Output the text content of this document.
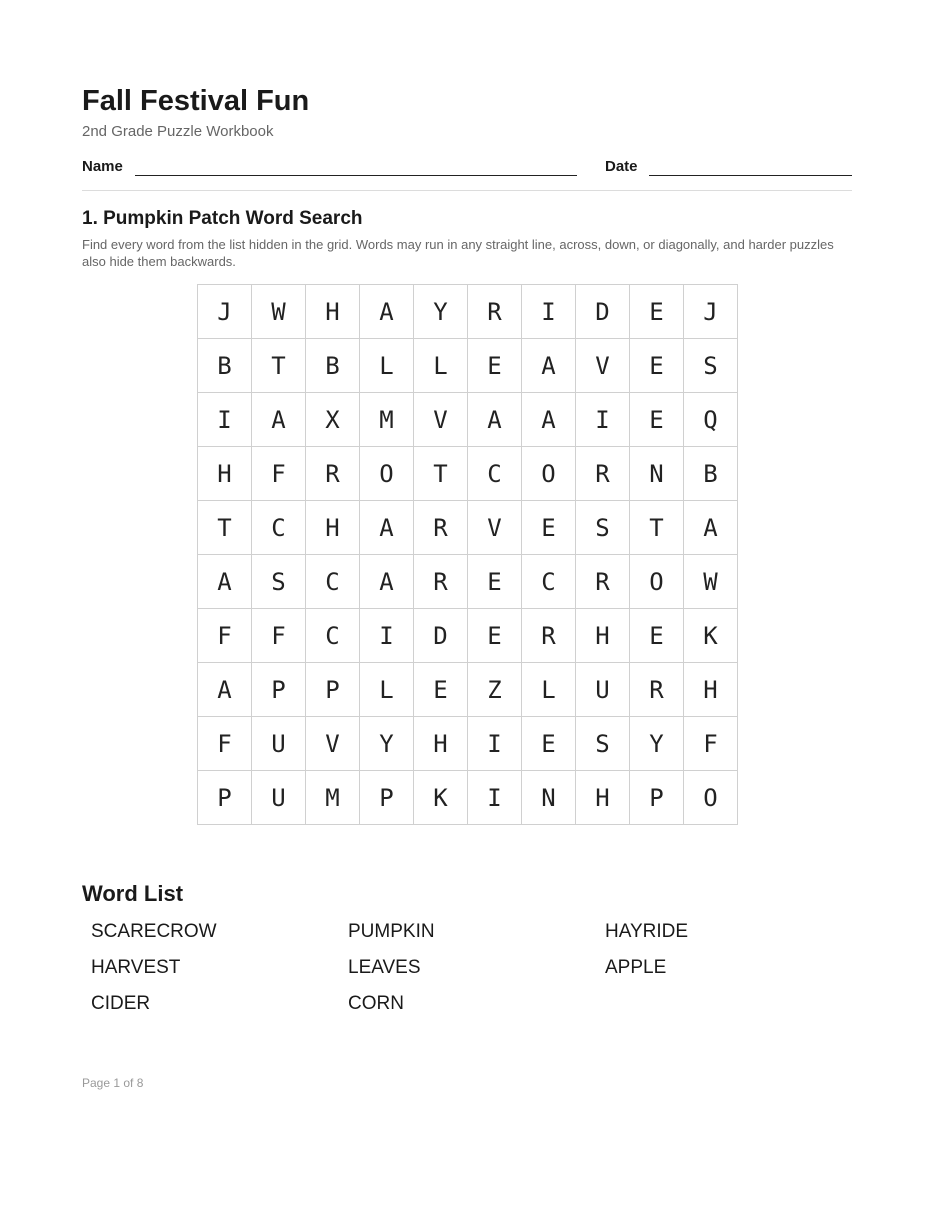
Fall Festival Fun
2nd Grade Puzzle Workbook
Name	Date
1. Pumpkin Patch Word Search
Find every word from the list hidden in the grid. Words may run in any straight line, across, down, or diagonally, and harder puzzles also hide them backwards.
J	W	H	A	Y	R	I	D	E	J
B	T	B	L	L	E	A	V	E	S
I	A	X	M	V	A	A	I	E	Q
H	F	R	O	T	C	O	R	N	B
T	C	H	A	R	V	E	S	T	A
A	S	C	A	R	E	C	R	O	W
F	F	C	I	D	E	R	H	E	K
A	P	P	L	E	Z	L	U	R	H
F	U	V	Y	H	I	E	S	Y	F
P	U	M	P	K	I	N	H	P	O
Word List
SCARECROW	PUMPKIN	HAYRIDE
HARVEST	LEAVES	APPLE
CIDER	CORN
Page 1 of 8
